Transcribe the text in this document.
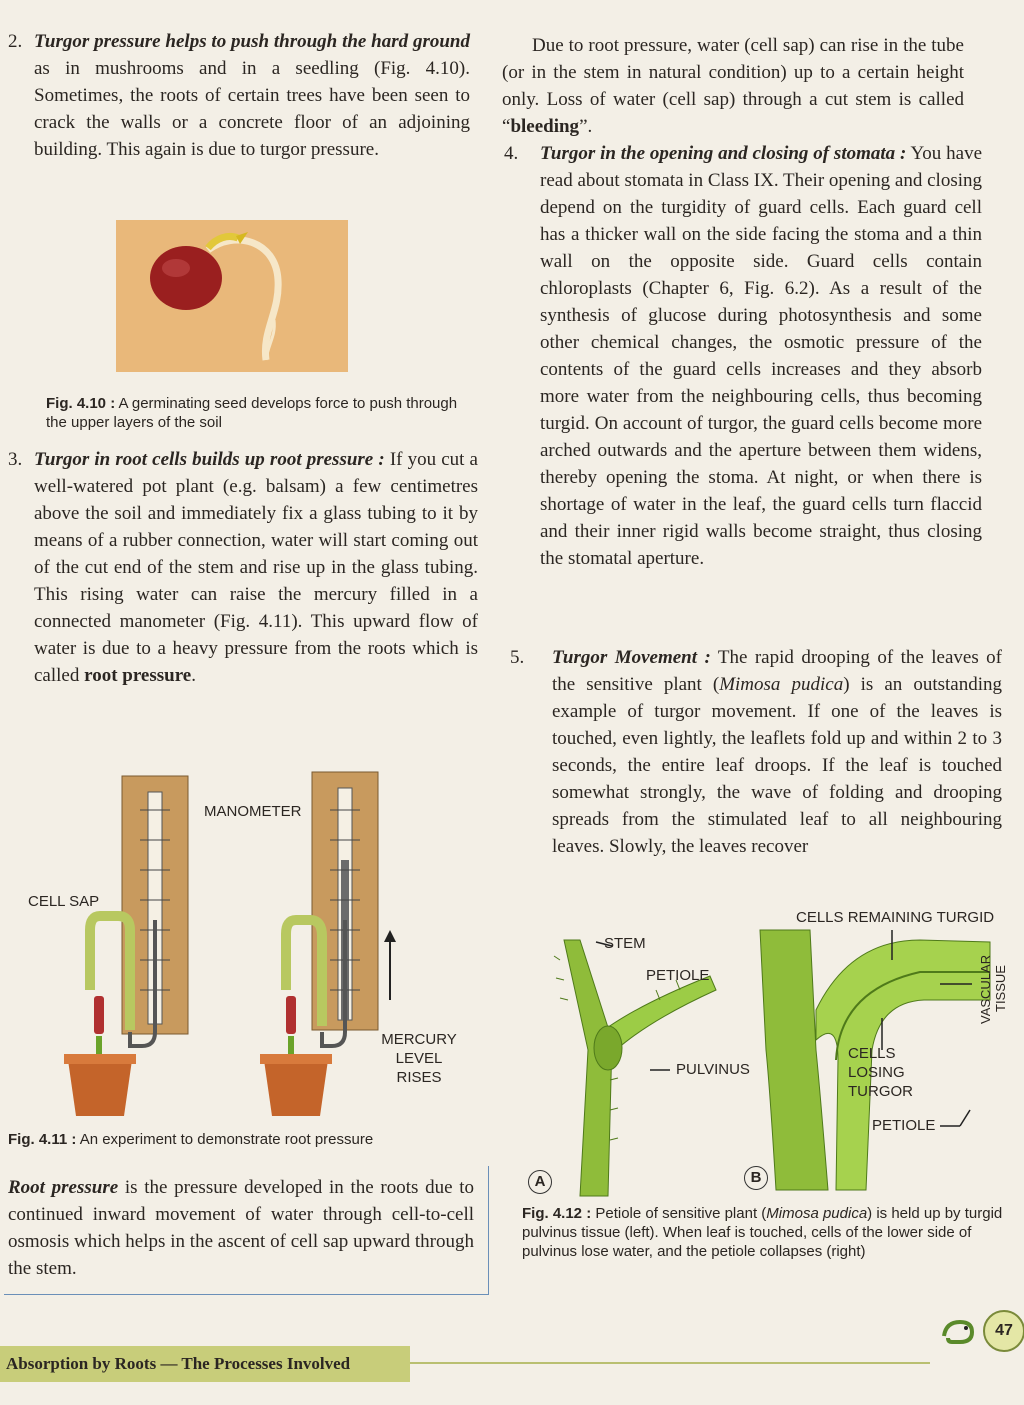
2. Turgor pressure helps to push through the hard ground as in mushrooms and in a seedling (Fig. 4.10). Sometimes, the roots of certain trees have been seen to crack the walls or a concrete floor of an adjoining building. This again is due to turgor pressure.

Fig. 4.10 : A germinating seed develops force to push through the upper layers of the soil
3. Turgor in root cells builds up root pressure : If you cut a well-watered pot plant (e.g. balsam) a few centimetres above the soil and immediately fix a glass tubing to it by means of a rubber connection, water will start coming out of the cut end of the stem and rise up in the glass tubing. This rising water can raise the mercury filled in a connected manometer (Fig. 4.11). This upward flow of water is due to a heavy pressure from the roots which is called root pressure.

CELL SAP
MANOMETER
MERCURY LEVEL RISES
Fig. 4.11 : An experiment to demonstrate root pressure
Root pressure is the pressure developed in the roots due to continued inward movement of water through cell-to-cell osmosis which helps in the ascent of cell sap upward through the stem.

Due to root pressure, water (cell sap) can rise in the tube (or in the stem in natural condition) up to a certain height only. Loss of water (cell sap) through a cut stem is called “bleeding”.

4. Turgor in the opening and closing of stomata : You have read about stomata in Class IX. Their opening and closing depend on the turgidity of guard cells. Each guard cell has a thicker wall on the side facing the stoma and a thin wall on the opposite side. Guard cells contain chloroplasts (Chapter 6, Fig. 6.2). As a result of the synthesis of glucose during photosynthesis and some other chemical changes, the osmotic pressure of the contents of the guard cells increases and they absorb more water from the neighbouring cells, thus becoming turgid. On account of turgor, the guard cells become more arched outwards and the aperture between them widens, thereby opening the stoma. At night, or when there is shortage of water in the leaf, the guard cells turn flaccid and their inner rigid walls become straight, thus closing the stomatal aperture.

5. Turgor Movement : The rapid drooping of the leaves of the sensitive plant (Mimosa pudica) is an outstanding example of turgor movement. If one of the leaves is touched, even lightly, the leaflets fold up and within 2 to 3 seconds, the entire leaf droops. If the leaf is touched somewhat strongly, the wave of folding and drooping spreads from the stimulated leaf to all neighbouring leaves. Slowly, the leaves recover

STEM
PETIOLE
PULVINUS
CELLS REMAINING TURGID
VASCULAR TISSUE
CELLS LOSING TURGOR
PETIOLE
A	B
Fig. 4.12 : Petiole of sensitive plant (Mimosa pudica) is held up by turgid pulvinus tissue (left). When leaf is touched, cells of the lower side of pulvinus lose water, and the petiole collapses (right)
Absorption by Roots — The Processes Involved
47
